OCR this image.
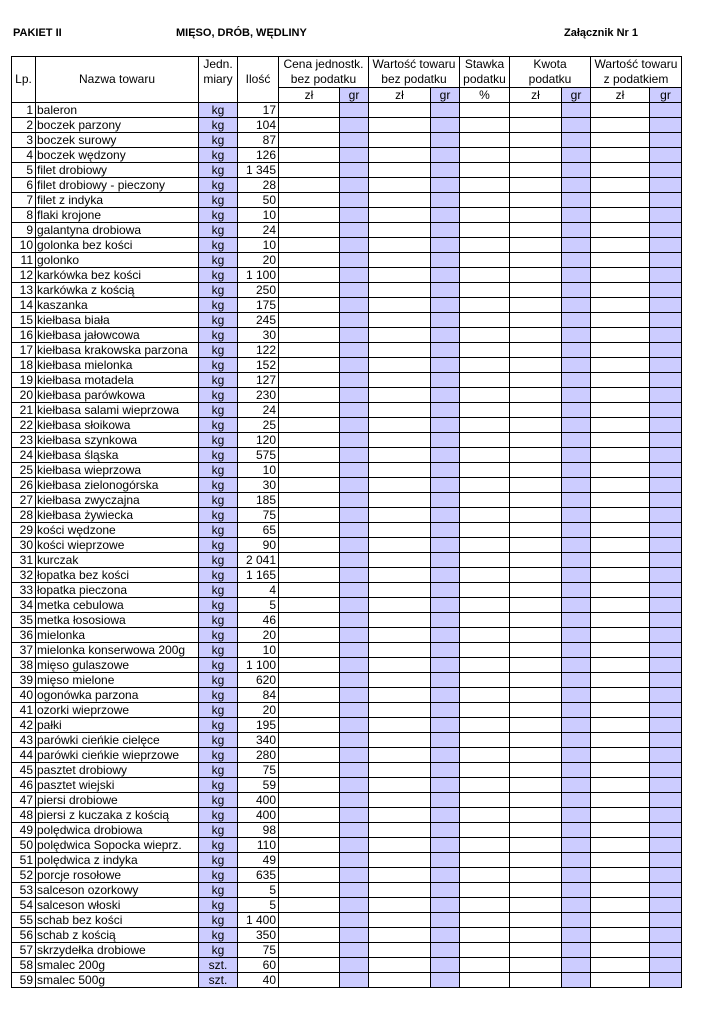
PAKIET II	MIĘSO, DRÓB, WĘDLINY	Załącznik Nr 1
		Jedn.		Cena jednostk.		Wartość towaru		Stawka	Kwota		Wartość towaru	
Lp.	Nazwa towaru	miary	Ilość	bez podatku		bez podatku		podatku	podatku		z podatkiem	
				zł	gr	zł	gr	%	zł	gr	zł	gr
1	baleron	kg	17									
2	boczek parzony	kg	104									
3	boczek surowy	kg	87									
4	boczek wędzony	kg	126									
5	filet drobiowy	kg	1 345									
6	filet drobiowy - pieczony	kg	28									
7	filet z indyka	kg	50									
8	flaki krojone	kg	10									
9	galantyna drobiowa	kg	24									
10	golonka bez kości	kg	10									
11	golonko	kg	20									
12	karkówka bez kości	kg	1 100									
13	karkówka z kością	kg	250									
14	kaszanka	kg	175									
15	kiełbasa biała	kg	245									
16	kiełbasa jałowcowa	kg	30									
17	kiełbasa krakowska parzona	kg	122									
18	kiełbasa mielonka	kg	152									
19	kiełbasa motadela	kg	127									
20	kiełbasa parówkowa	kg	230									
21	kiełbasa salami wieprzowa	kg	24									
22	kiełbasa słoikowa	kg	25									
23	kiełbasa szynkowa	kg	120									
24	kiełbasa śląska	kg	575									
25	kiełbasa wieprzowa	kg	10									
26	kiełbasa zielonogórska	kg	30									
27	kiełbasa zwyczajna	kg	185									
28	kiełbasa żywiecka	kg	75									
29	kości wędzone	kg	65									
30	kości wieprzowe	kg	90									
31	kurczak	kg	2 041									
32	łopatka bez kości	kg	1 165									
33	łopatka pieczona	kg	4									
34	metka cebulowa	kg	5									
35	metka łososiowa	kg	46									
36	mielonka	kg	20									
37	mielonka konserwowa 200g	kg	10									
38	mięso gulaszowe	kg	1 100									
39	mięso mielone	kg	620									
40	ogonówka parzona	kg	84									
41	ozorki wieprzowe	kg	20									
42	pałki	kg	195									
43	parówki cieńkie cielęce	kg	340									
44	parówki cieńkie wieprzowe	kg	280									
45	pasztet drobiowy	kg	75									
46	pasztet wiejski	kg	59									
47	piersi drobiowe	kg	400									
48	piersi z kuczaka z kością	kg	400									
49	polędwica drobiowa	kg	98									
50	polędwica Sopocka wieprz.	kg	110									
51	polędwica z indyka	kg	49									
52	porcje rosołowe	kg	635									
53	salceson ozorkowy	kg	5									
54	salceson włoski	kg	5									
55	schab bez kości	kg	1 400									
56	schab z kością	kg	350									
57	skrzydełka drobiowe	kg	75									
58	smalec 200g	szt.	60									
59	smalec 500g	szt.	40									
